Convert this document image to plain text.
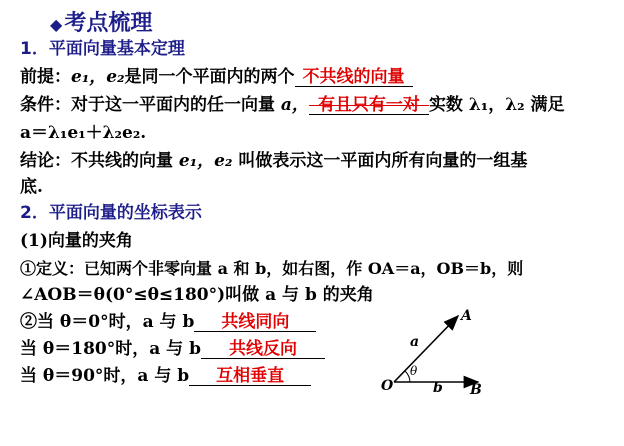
◆考点梳理
1．平面向量基本定理
前提：e₁，e₂是同一个平面内的两个 不共线的向量
条件：对于这一平面内的任一向量 a， 有且只有一对 实数 λ₁，λ₂ 满足
a＝λ₁e₁＋λ₂e₂.
结论：不共线的向量 e₁，e₂ 叫做表示这一平面内所有向量的一组基
底.
2．平面向量的坐标表示
(1)向量的夹角
①定义：已知两个非零向量 a 和 b，如右图，作 OA＝a，OB＝b，则
∠AOB＝θ(0°≤θ≤180°)叫做 a 与 b 的夹角
②当 θ＝0°时，a 与 b 共线同向
当 θ＝180°时，a 与 b 共线反向
当 θ＝90°时，a 与 b 互相垂直	O
A
B
a
b
θ
